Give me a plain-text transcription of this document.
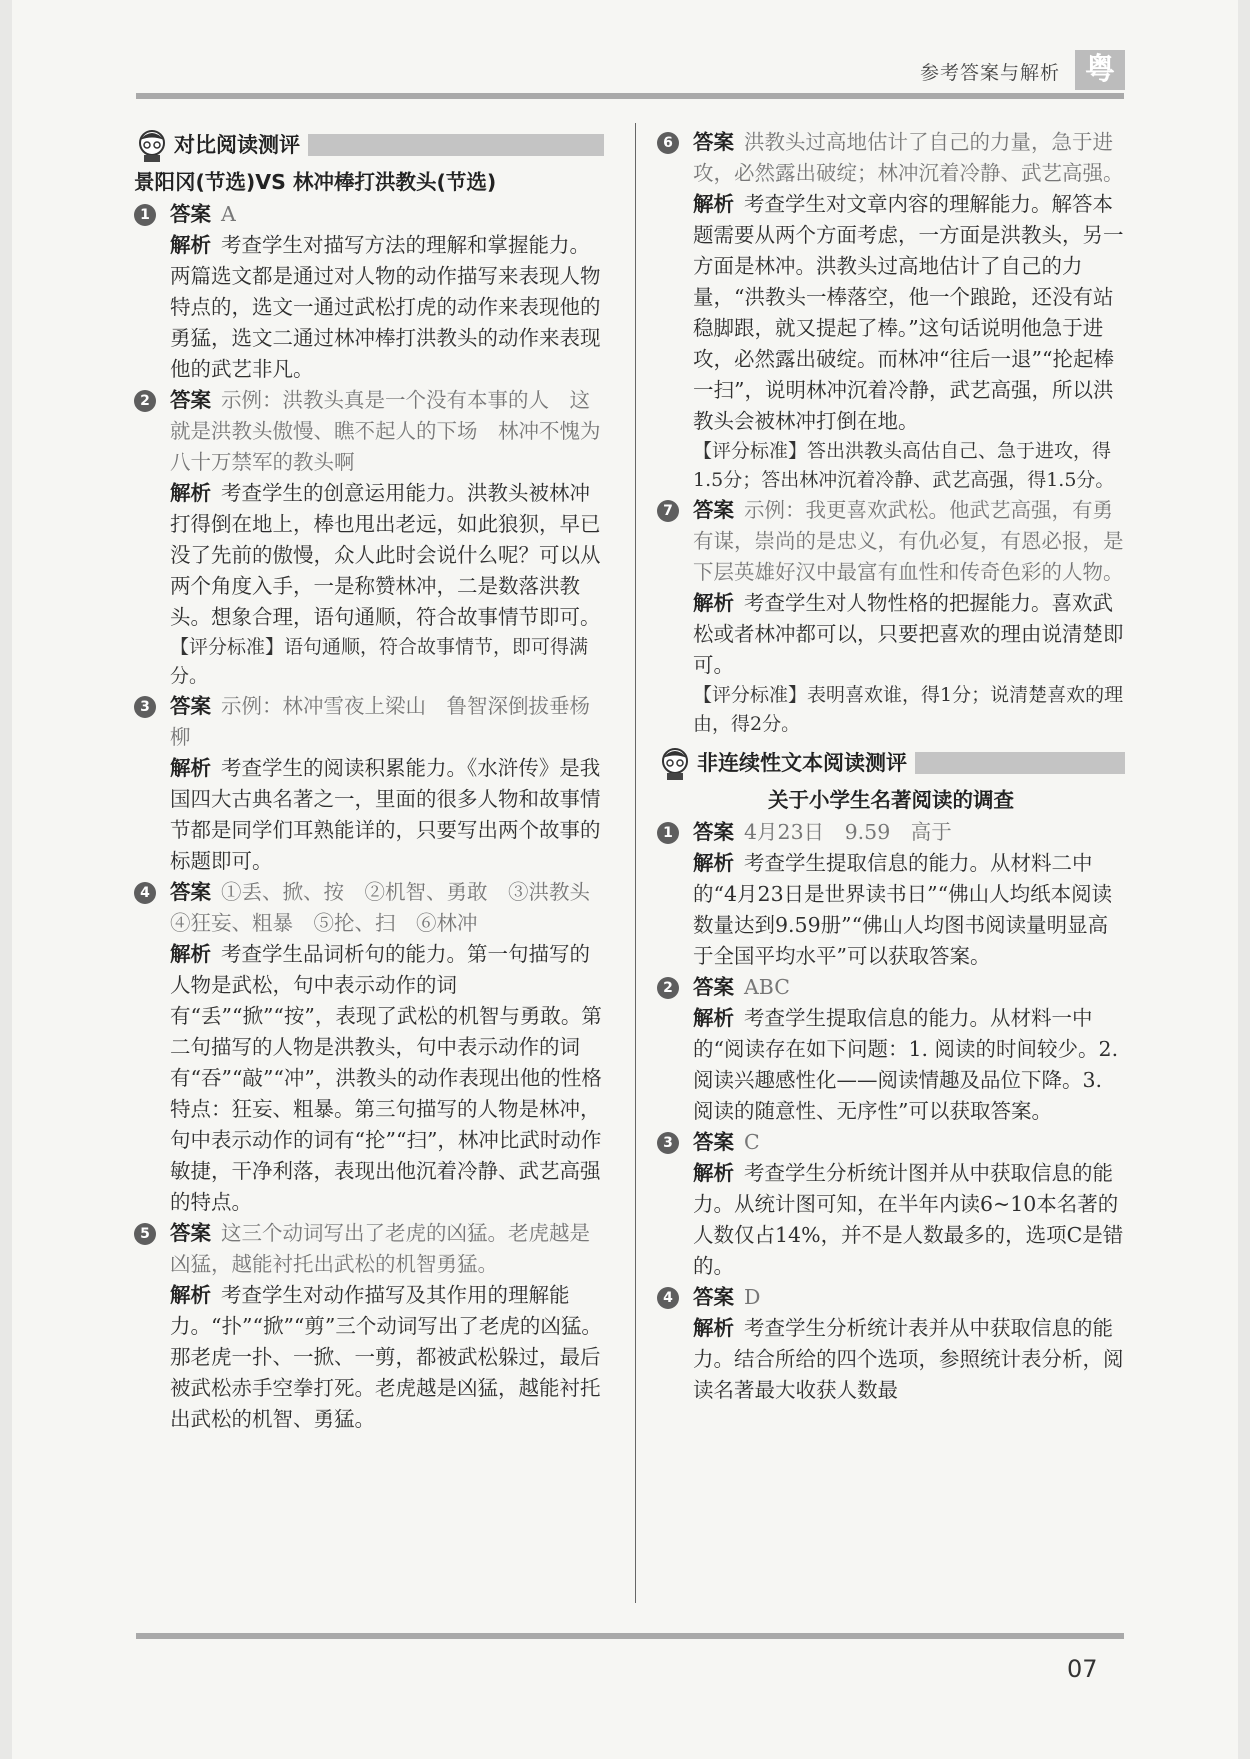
参考答案与解析 粤
07
对比阅读测评
景阳冈(节选)VS 林冲棒打洪教头(节选)
1 答案 A

解析 考查学生对描写方法的理解和掌握能力。两篇选文都是通过对人物的动作描写来表现人物特点的，选文一通过武松打虎的动作来表现他的勇猛，选文二通过林冲棒打洪教头的动作来表现他的武艺非凡。

2 答案 示例：洪教头真是一个没有本事的人　这就是洪教头傲慢、瞧不起人的下场　林冲不愧为八十万禁军的教头啊

解析 考查学生的创意运用能力。洪教头被林冲打得倒在地上，棒也甩出老远，如此狼狈，早已没了先前的傲慢，众人此时会说什么呢？可以从两个角度入手，一是称赞林冲，二是数落洪教头。想象合理，语句通顺，符合故事情节即可。

【评分标准】语句通顺，符合故事情节，即可得满分。

3 答案 示例：林冲雪夜上梁山　鲁智深倒拔垂杨柳

解析 考查学生的阅读积累能力。《水浒传》是我国四大古典名著之一，里面的很多人物和故事情节都是同学们耳熟能详的，只要写出两个故事的标题即可。

4 答案 ①丢、掀、按　②机智、勇敢　③洪教头　④狂妄、粗暴　⑤抡、扫　⑥林冲

解析 考查学生品词析句的能力。第一句描写的人物是武松，句中表示动作的词有“丢”“掀”“按”，表现了武松的机智与勇敢。第二句描写的人物是洪教头，句中表示动作的词有“吞”“敲”“冲”，洪教头的动作表现出他的性格特点：狂妄、粗暴。第三句描写的人物是林冲，句中表示动作的词有“抡”“扫”，林冲比武时动作敏捷，干净利落，表现出他沉着冷静、武艺高强的特点。

5 答案 这三个动词写出了老虎的凶猛。老虎越是凶猛，越能衬托出武松的机智勇猛。

解析 考查学生对动作描写及其作用的理解能力。“扑”“掀”“剪”三个动词写出了老虎的凶猛。那老虎一扑、一掀、一剪，都被武松躲过，最后被武松赤手空拳打死。老虎越是凶猛，越能衬托出武松的机智、勇猛。

6 答案 洪教头过高地估计了自己的力量，急于进攻，必然露出破绽；林冲沉着冷静、武艺高强。

解析 考查学生对文章内容的理解能力。解答本题需要从两个方面考虑，一方面是洪教头，另一方面是林冲。洪教头过高地估计了自己的力量，“洪教头一棒落空，他一个踉跄，还没有站稳脚跟，就又提起了棒。”这句话说明他急于进攻，必然露出破绽。而林冲“往后一退”“抡起棒一扫”，说明林冲沉着冷静，武艺高强，所以洪教头会被林冲打倒在地。

【评分标准】答出洪教头高估自己、急于进攻，得1.5分；答出林冲沉着冷静、武艺高强，得1.5分。

7 答案 示例：我更喜欢武松。他武艺高强，有勇有谋，崇尚的是忠义，有仇必复，有恩必报，是下层英雄好汉中最富有血性和传奇色彩的人物。

解析 考查学生对人物性格的把握能力。喜欢武松或者林冲都可以，只要把喜欢的理由说清楚即可。

【评分标准】表明喜欢谁，得1分；说清楚喜欢的理由，得2分。

非连续性文本阅读测评
关于小学生名著阅读的调查
1 答案 4月23日　9.59　高于

解析 考查学生提取信息的能力。从材料二中的“4月23日是世界读书日”“佛山人均纸本阅读数量达到9.59册”“佛山人均图书阅读量明显高于全国平均水平”可以获取答案。

2 答案 ABC

解析 考查学生提取信息的能力。从材料一中的“阅读存在如下问题：1. 阅读的时间较少。2. 阅读兴趣感性化——阅读情趣及品位下降。3. 阅读的随意性、无序性”可以获取答案。

3 答案 C

解析 考查学生分析统计图并从中获取信息的能力。从统计图可知，在半年内读6~10本名著的人数仅占14%，并不是人数最多的，选项C是错的。

4 答案 D

解析 考查学生分析统计表并从中获取信息的能力。结合所给的四个选项，参照统计表分析，阅读名著最大收获人数最
